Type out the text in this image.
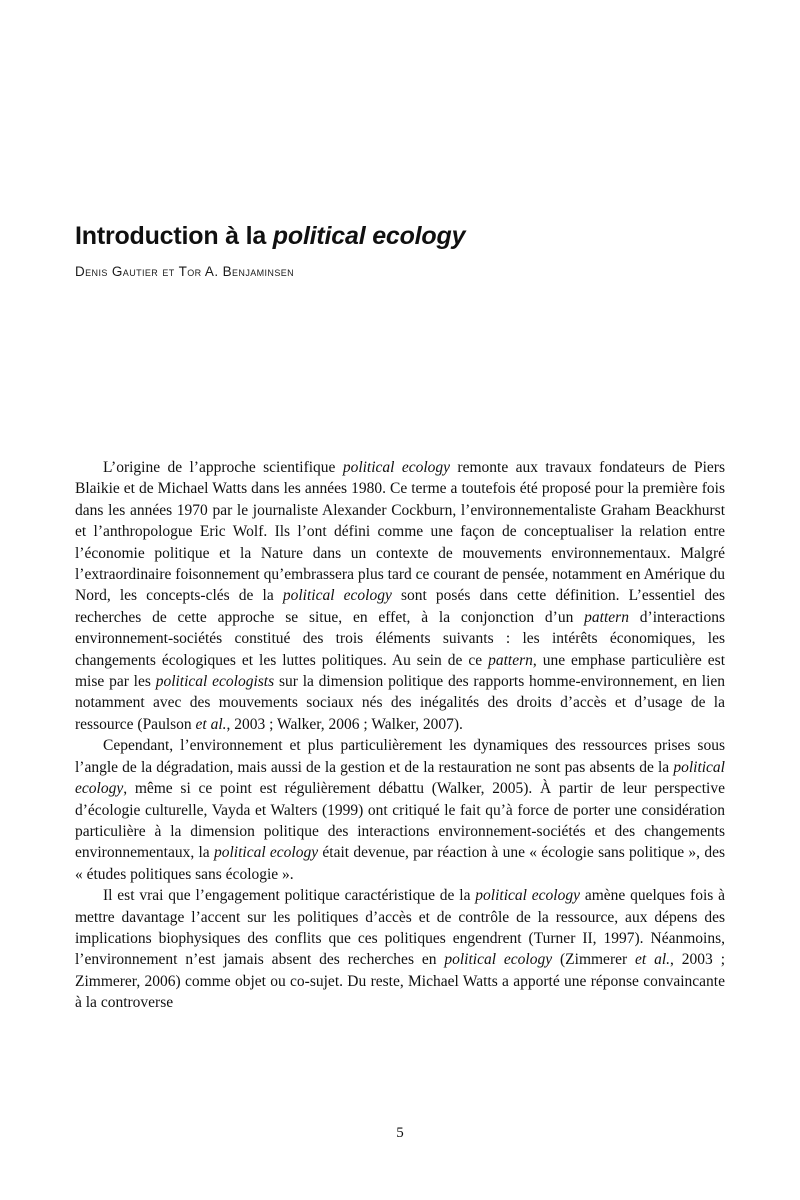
Introduction à la political ecology
Denis Gautier et Tor A. Benjaminsen

L’origine de l’approche scientifique political ecology remonte aux travaux fondateurs de Piers Blaikie et de Michael Watts dans les années 1980. Ce terme a toutefois été proposé pour la première fois dans les années 1970 par le journaliste Alexander Cockburn, l’environnementaliste Graham Beackhurst et l’anthropologue Eric Wolf. Ils l’ont défini comme une façon de conceptualiser la relation entre l’économie politique et la Nature dans un contexte de mouvements environnementaux. Malgré l’extraordinaire foisonnement qu’embrassera plus tard ce courant de pensée, notamment en Amérique du Nord, les concepts-clés de la political ecology sont posés dans cette définition. L’essentiel des recherches de cette approche se situe, en effet, à la conjonction d’un pattern d’interactions environnement-sociétés constitué des trois éléments suivants : les intérêts économiques, les changements écologiques et les luttes politiques. Au sein de ce pattern, une emphase particulière est mise par les political ecologists sur la dimension politique des rapports homme-environnement, en lien notamment avec des mouvements sociaux nés des inégalités des droits d’accès et d’usage de la ressource (Paulson et al., 2003 ; Walker, 2006 ; Walker, 2007).

Cependant, l’environnement et plus particulièrement les dynamiques des ressources prises sous l’angle de la dégradation, mais aussi de la gestion et de la restauration ne sont pas absents de la political ecology, même si ce point est régulièrement débattu (Walker, 2005). À partir de leur perspective d’écologie culturelle, Vayda et Walters (1999) ont critiqué le fait qu’à force de porter une considération particulière à la dimension politique des interactions environnement-sociétés et des changements environnementaux, la political ecology était devenue, par réaction à une « écologie sans politique », des « études politiques sans écologie ».

Il est vrai que l’engagement politique caractéristique de la political ecology amène quelques fois à mettre davantage l’accent sur les politiques d’accès et de contrôle de la ressource, aux dépens des implications biophysiques des conflits que ces politiques engendrent (Turner II, 1997). Néanmoins, l’environnement n’est jamais absent des recherches en political ecology (Zimmerer et al., 2003 ; Zimmerer, 2006) comme objet ou co-sujet. Du reste, Michael Watts a apporté une réponse convaincante à la controverse

5
